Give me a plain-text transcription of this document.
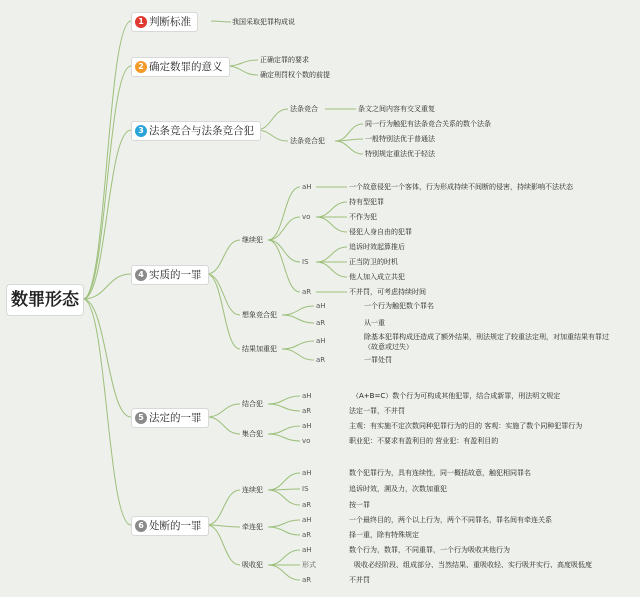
数罪形态
1 判断标准
2 确定数罪的意义
3 法条竞合与法条竞合犯
4 实质的一罪
5 法定的一罪
6 处断的一罪
我国采取犯罪构成说
正确定罪的要求
确定刑罚权个数的前提
法条竞合	条文之间内容有交叉重复
法条竞合犯
同一行为触犯有法条竞合关系的数个法条
一般特别法优于普通法
特别规定重法优于轻法
继续犯
aH	一个故意侵犯一个客体，行为形成持续不间断的侵害，持续影响不法状态
vo
持有型犯罪
不作为犯
侵犯人身自由的犯罪
IS
追诉时效起算推后
正当防卫的时机
他人加入成立共犯
aR	不并罚，可考虑持续时间
想象竞合犯
aH	一个行为触犯数个罪名
aR	从一重
结果加重犯
aH	除基本犯罪构成还造成了额外结果，刑法规定了较重法定刑，对加重结果有罪过
（故意或过失）
aR	一罪处罚
结合犯
aH	（A+B=C）数个行为可构成其他犯罪，结合成新罪，刑法明文规定
aR	法定一罪，不并罚
集合犯
aH	主观：有实施不定次数同种犯罪行为的目的 客观：实施了数个同种犯罪行为
vo	职业犯：不要求有盈利目的 营业犯：有盈利目的
连续犯
aH	数个犯罪行为，具有连续性，同一概括故意，触犯相同罪名
IS	追诉时效，溯及力，次数加重犯
aR	按一罪
牵连犯
aH	一个最终目的，两个以上行为，两个不同罪名，罪名间有牵连关系
aR	择一重，除有特殊规定
吸收犯
aH	数个行为，数罪，不同重罪，一个行为吸收其他行为
形式	吸收必经阶段、组成部分、当然结果、重吸收轻、实行吸并实行、高度吸低度
aR	不并罚
